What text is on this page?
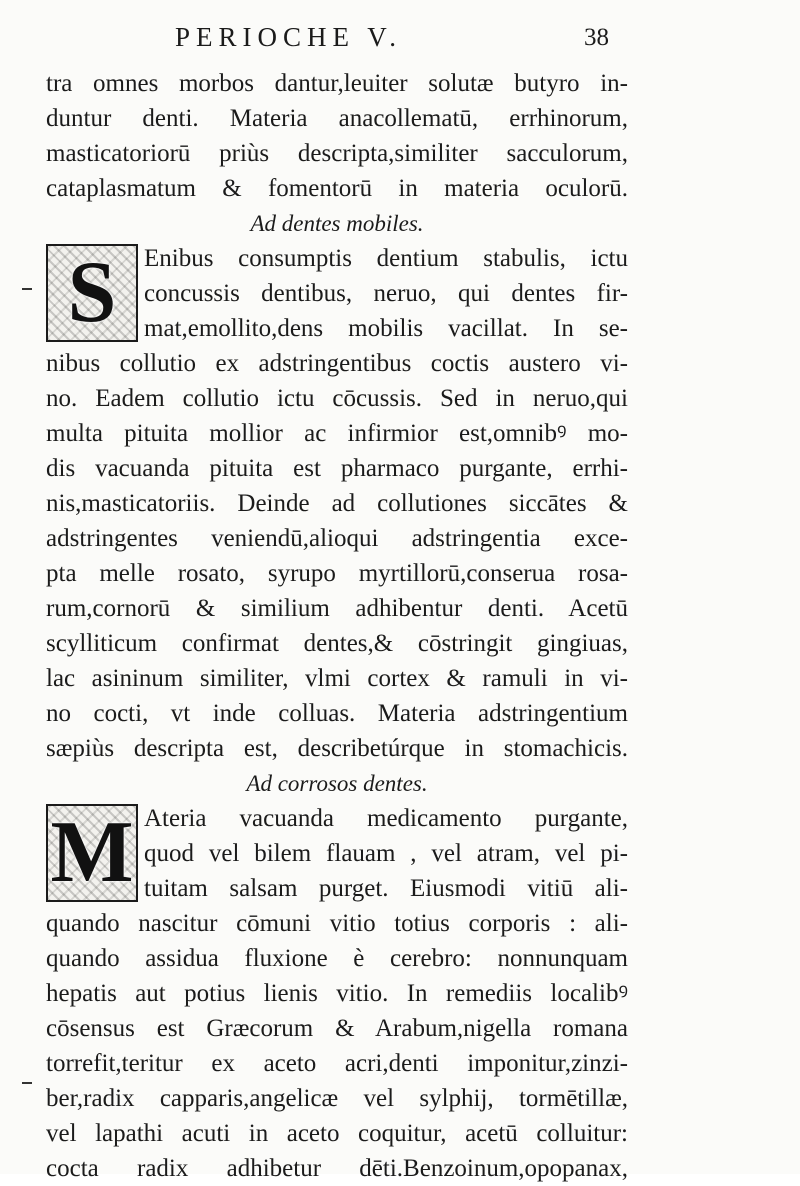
PERIOCHE V.	38
tra omnes morbos dantur,leuiter solutæ butyro in-
duntur denti. Materia anacollematū, errhinorum,
masticatoriorū priùs descripta,similiter sacculorum,
cataplasmatum & fomentorū in materia oculorū.
Ad dentes mobiles.
S Enibus consumptis dentium stabulis, ictu
concussis dentibus, neruo, qui dentes fir-
mat,emollito,dens mobilis vacillat. In se-
nibus collutio ex adstringentibus coctis austero vi-
no. Eadem collutio ictu cōcussis. Sed in neruo,qui
multa pituita mollior ac infirmior est,omnibꝰ mo-
dis vacuanda pituita est pharmaco purgante, errhi-
nis,masticatoriis. Deinde ad collutiones siccātes &
adstringentes veniendū,alioqui adstringentia exce-
pta melle rosato, syrupo myrtillorū,conserua rosa-
rum,cornorū & similium adhibentur denti. Acetū
scylliticum confirmat dentes,& cōstringit gingiuas,
lac asininum similiter, vlmi cortex & ramuli in vi-
no cocti, vt inde colluas. Materia adstringentium
sæpiùs descripta est, describetúrque in stomachicis.
Ad corrosos dentes.
M Ateria vacuanda medicamento purgante,
quod vel bilem flauam , vel atram, vel pi-
tuitam salsam purget. Eiusmodi vitiū ali-
quando nascitur cōmuni vitio totius corporis : ali-
quando assidua fluxione è cerebro: nonnunquam
hepatis aut potius lienis vitio. In remediis localibꝰ
cōsensus est Græcorum & Arabum,nigella romana
torrefit,teritur ex aceto acri,denti imponitur,zinzi-
ber,radix capparis,angelicæ vel sylphij, tormētillæ,
vel lapathi acuti in aceto coquitur, acetū colluitur:
cocta radix adhibetur dēti.Benzoinum,opopanax,
